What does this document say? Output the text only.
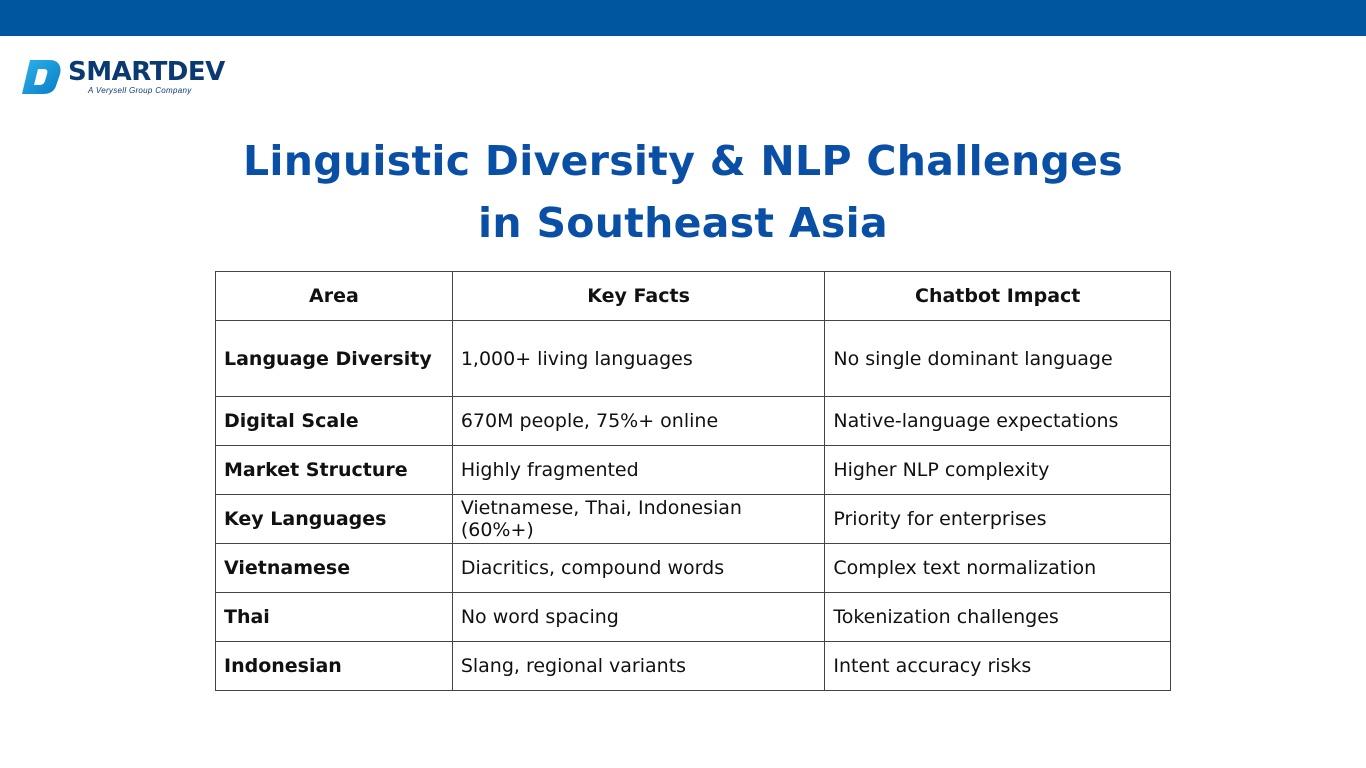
SMARTDEV
A Verysell Group Company
Linguistic Diversity & NLP Challenges
in Southeast Asia
Area	Key Facts	Chatbot Impact
Language Diversity	1,000+ living languages	No single dominant language
Digital Scale	670M people, 75%+ online	Native-language expectations
Market Structure	Highly fragmented	Higher NLP complexity
Key Languages	Vietnamese, Thai, Indonesian (60%+)	Priority for enterprises
Vietnamese	Diacritics, compound words	Complex text normalization
Thai	No word spacing	Tokenization challenges
Indonesian	Slang, regional variants	Intent accuracy risks
